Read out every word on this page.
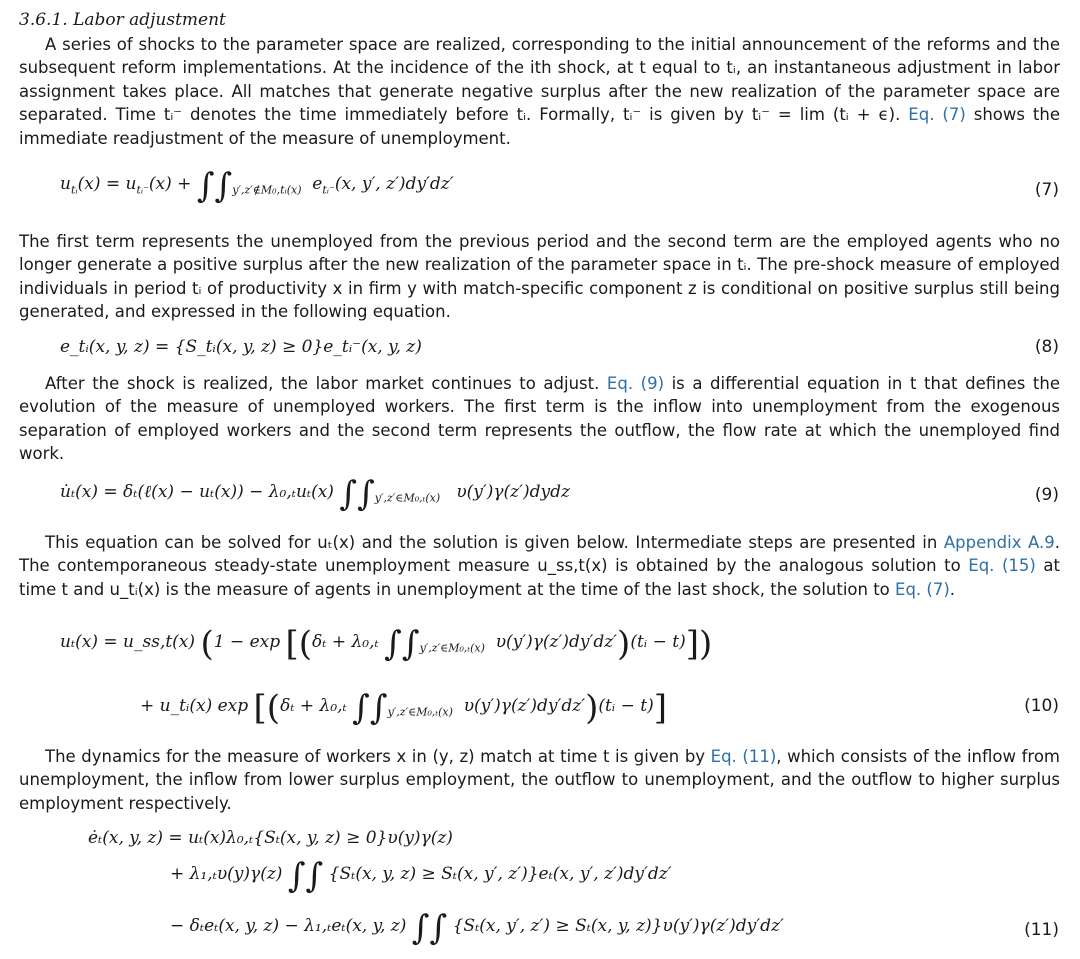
3.6.1. Labor adjustment

A series of shocks to the parameter space are realized, corresponding to the initial announcement of the reforms and the subsequent reform implementations. At the incidence of the ith shock, at t equal to tᵢ, an instantaneous adjustment in labor assignment takes place. All matches that generate negative surplus after the new realization of the parameter space are separated. Time tᵢ⁻ denotes the time immediately before tᵢ. Formally, tᵢ⁻ is given by tᵢ⁻ = lim (tᵢ + ϵ). Eq. (7) shows the immediate readjustment of the measure of unemployment.

$u_{tᵢ}(x) = u_{tᵢ^-}(x) + \int\int_{y',z'\notin M_0,tᵢ(x)}$ $e_{tᵢ^-}(x$, y′, z′)dy′dz′	(7)

The first term represents the unemployed from the previous period and the second term are the employed agents who no longer generate a positive surplus after the new realization of the parameter space in tᵢ. The pre-shock measure of employed individuals in period tᵢ of productivity x in firm y with match-specific component z is conditional on positive surplus still being generated, and expressed in the following equation.

e_tᵢ(x, y, z) = {S_tᵢ(x, y, z) ≥ 0}e_tᵢ⁻(x, y, z)	(8)

After the shock is realized, the labor market continues to adjust. Eq. (9) is a differential equation in t that defines the evolution of the measure of unemployed workers. The first term is the inflow into unemployment from the exogenous separation of employed workers and the second term represents the outflow, the flow rate at which the unemployed find work.

u̇ₜ(x) = δₜ(ℓ(x) − uₜ(x)) − λ₀,ₜuₜ(x) $\int\int_{y',z'\in M_0,_t(x)}$ υ(y′)γ(z′)dydz	(9)

This equation can be solved for uₜ(x) and the solution is given below. Intermediate steps are presented in Appendix A.9. The contemporaneous steady-state unemployment measure u_ss,t(x) is obtained by the analogous solution to Eq. (15) at time t and u_tᵢ(x) is the measure of agents in unemployment at the time of the last shock, the solution to Eq. (7).

uₜ(x) = u_ss,t(x) (1 − exp [(δₜ + λ₀,ₜ $\int\int_{y',z'\in M_0,_t(x)}$ υ(y′)γ(z′)dy′dz′)(tᵢ − t)])
+ u_tᵢ(x) exp [(δₜ + λ₀,ₜ $\int\int_{y',z'\in M_0,_t(x)}$ υ(y′)γ(z′)dy′dz′)(tᵢ − t)]	(10)

The dynamics for the measure of workers x in (y, z) match at time t is given by Eq. (11), which consists of the inflow from unemployment, the inflow from lower surplus employment, the outflow to unemployment, and the outflow to higher surplus employment respectively.

ėₜ(x, y, z) = uₜ(x)λ₀,ₜ{Sₜ(x, y, z) ≥ 0}υ(y)γ(z)
+ λ₁,ₜυ(y)γ(z) ∫∫ {Sₜ(x, y, z) ≥ Sₜ(x, y′, z′)}eₜ(x, y′, z′)dy′dz′
− δₜeₜ(x, y, z) − λ₁,ₜeₜ(x, y, z) ∫∫ {Sₜ(x, y′, z′) ≥ Sₜ(x, y, z)}υ(y′)γ(z′)dy′dz′	(11)
